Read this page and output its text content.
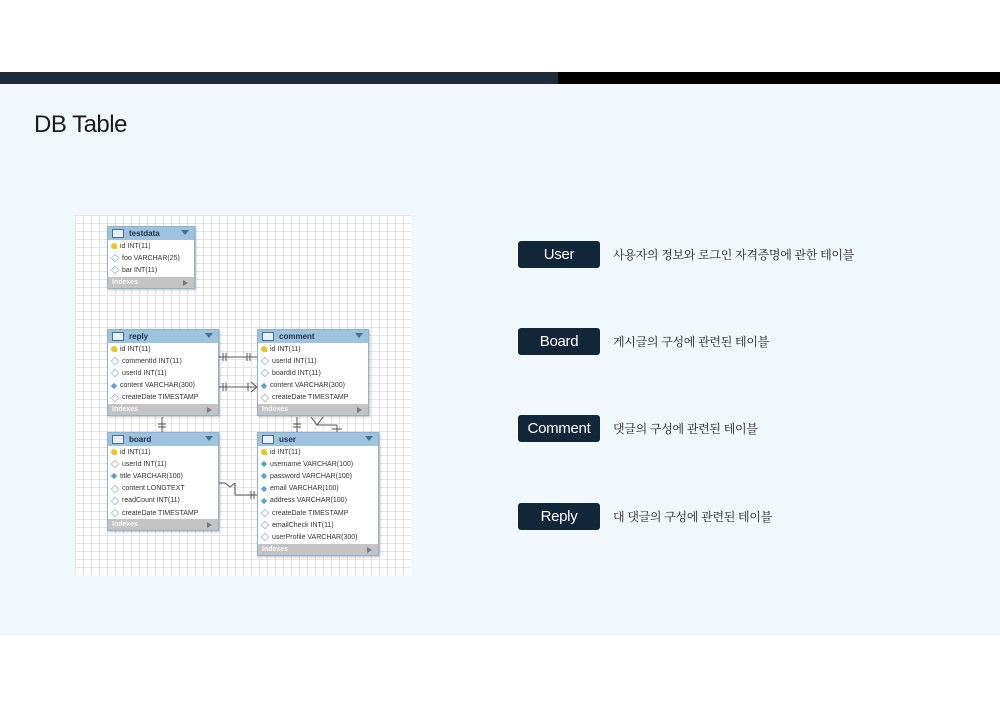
DB Table
testdata
id INT(11)
foo VARCHAR(25)
bar INT(11)
Indexes
reply
id INT(11)
commentId INT(11)
userId INT(11)
content VARCHAR(300)
createDate TIMESTAMP
Indexes
comment
id INT(11)
userId INT(11)
boardId INT(11)
content VARCHAR(300)
createDate TIMESTAMP
Indexes
board
id INT(11)
userId INT(11)
title VARCHAR(100)
content LONGTEXT
readCount INT(11)
createDate TIMESTAMP
Indexes
user
id INT(11)
username VARCHAR(100)
password VARCHAR(100)
email VARCHAR(100)
address VARCHAR(100)
createDate TIMESTAMP
emailCheck INT(11)
userProfile VARCHAR(300)
Indexes
User	사용자의 정보와 로그인 자격증명에 관한 테이블
Board	게시글의 구성에 관련된 테이블
Comment	댓글의 구성에 관련된 테이블
Reply	대 댓글의 구성에 관련된 테이블
